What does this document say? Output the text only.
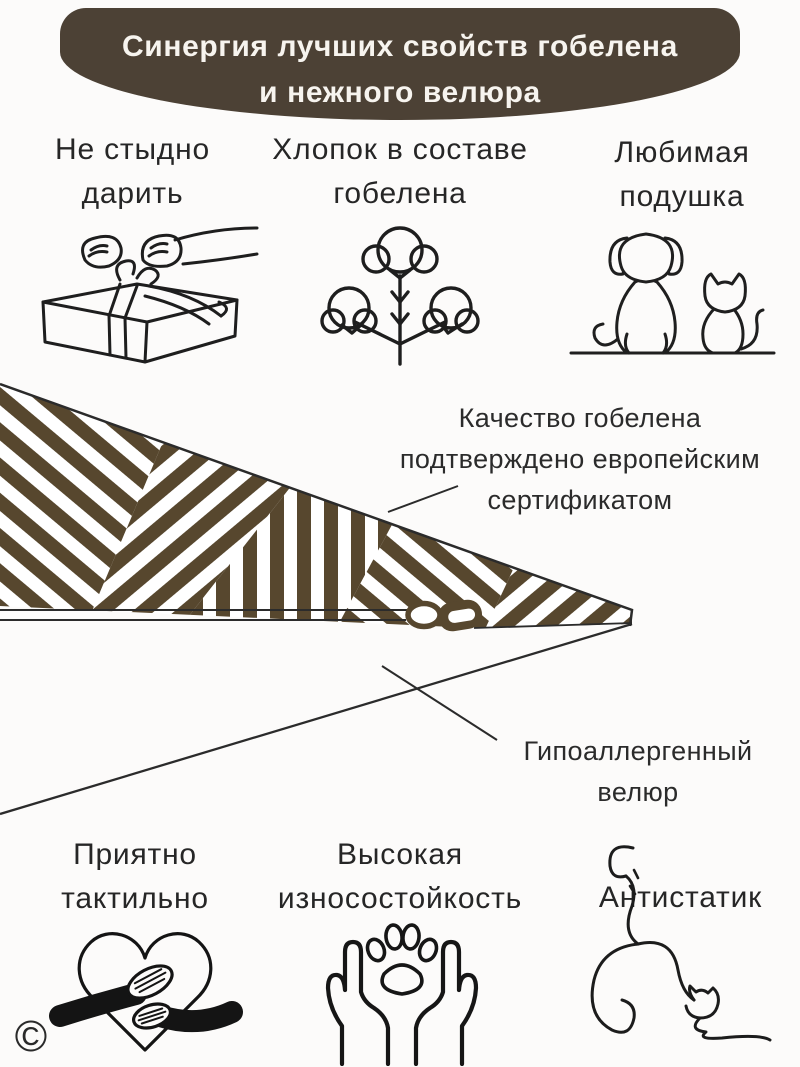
Синергия лучших свойств гобелена
и нежного велюра
Не стыдно
дарить
Хлопок в составе
гобелена
Любимая
подушка
Качество гобелена
подтверждено европейским
сертификатом
Гипоаллергенный
велюр
Приятно
тактильно
Высокая
износостойкость	Антистатик
©
